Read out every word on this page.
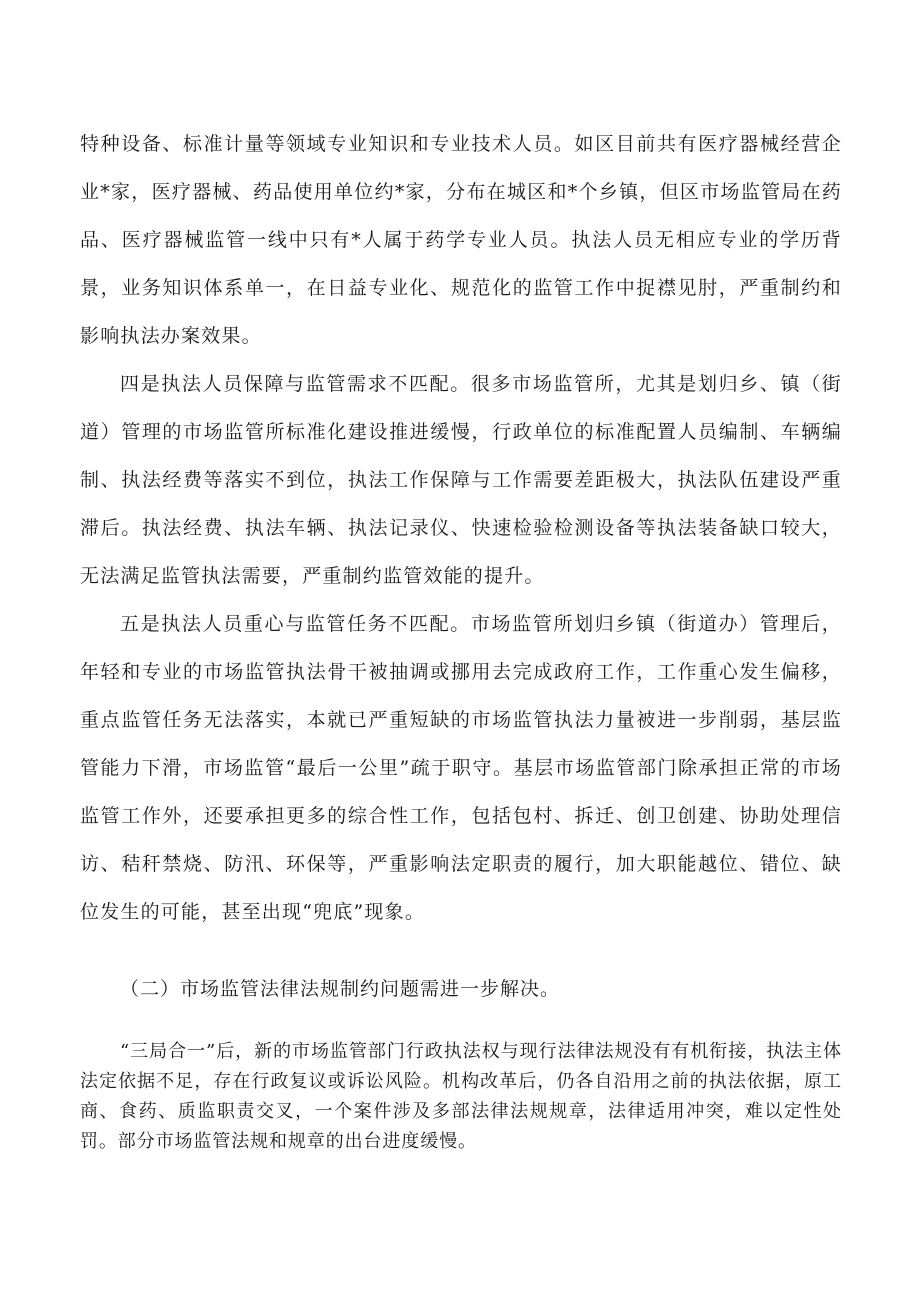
特种设备、标准计量等领域专业知识和专业技术人员。如区目前共有医疗器械经营企业*家，医疗器械、药品使用单位约*家，分布在城区和*个乡镇，但区市场监管局在药品、医疗器械监管一线中只有*人属于药学专业人员。执法人员无相应专业的学历背景，业务知识体系单一，在日益专业化、规范化的监管工作中捉襟见肘，严重制约和影响执法办案效果。

四是执法人员保障与监管需求不匹配。很多市场监管所，尤其是划归乡、镇（街道）管理的市场监管所标准化建设推进缓慢，行政单位的标准配置人员编制、车辆编制、执法经费等落实不到位，执法工作保障与工作需要差距极大，执法队伍建设严重滞后。执法经费、执法车辆、执法记录仪、快速检验检测设备等执法装备缺口较大，无法满足监管执法需要，严重制约监管效能的提升。

五是执法人员重心与监管任务不匹配。市场监管所划归乡镇（街道办）管理后，年轻和专业的市场监管执法骨干被抽调或挪用去完成政府工作，工作重心发生偏移，重点监管任务无法落实，本就已严重短缺的市场监管执法力量被进一步削弱，基层监管能力下滑，市场监管“最后一公里”疏于职守。基层市场监管部门除承担正常的市场监管工作外，还要承担更多的综合性工作，包括包村、拆迁、创卫创建、协助处理信访、秸秆禁烧、防汛、环保等，严重影响法定职责的履行，加大职能越位、错位、缺位发生的可能，甚至出现“兜底”现象。

（二）市场监管法律法规制约问题需进一步解决。

“三局合一”后，新的市场监管部门行政执法权与现行法律法规没有有机衔接，执法主体法定依据不足，存在行政复议或诉讼风险。机构改革后，仍各自沿用之前的执法依据，原工商、食药、质监职责交叉，一个案件涉及多部法律法规规章，法律适用冲突，难以定性处罚。部分市场监管法规和规章的出台进度缓慢。
